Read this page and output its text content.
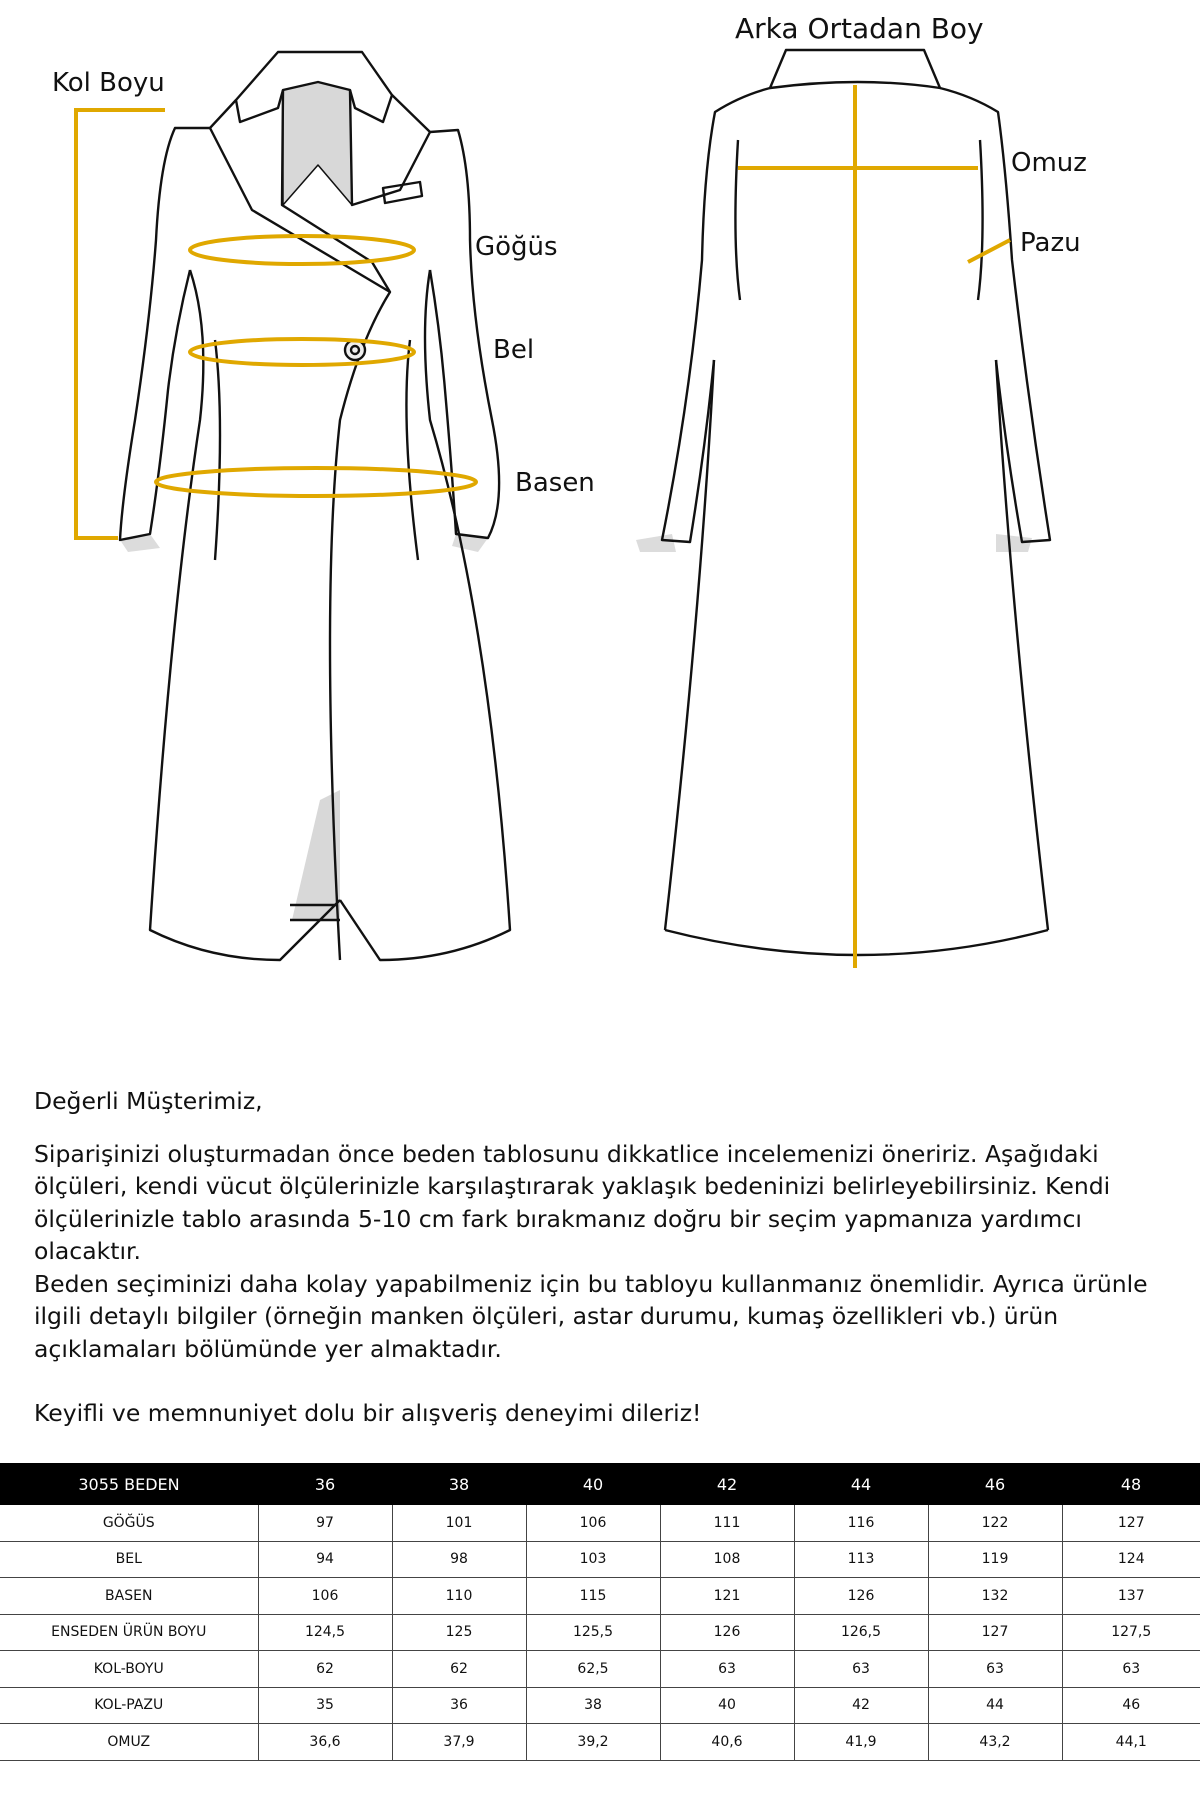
Kol Boyu
Göğüs
Bel
Basen
Arka Ortadan Boy
Omuz
Pazu

Değerli Müşterimiz,

Siparişinizi oluşturmadan önce beden tablosunu dikkatlice incelemenizi öneririz. Aşağıdaki ölçüleri, kendi vücut ölçülerinizle karşılaştırarak yaklaşık bedeninizi belirleyebilirsiniz. Kendi ölçülerinizle tablo arasında 5-10 cm fark bırakmanız doğru bir seçim yapmanıza yardımcı olacaktır.

Beden seçiminizi daha kolay yapabilmeniz için bu tabloyu kullanmanız önemlidir. Ayrıca ürünle ilgili detaylı bilgiler (örneğin manken ölçüleri, astar durumu, kumaş özellikleri vb.) ürün açıklamaları bölümünde yer almaktadır.

Keyifli ve memnuniyet dolu bir alışveriş deneyimi dileriz!

3055 BEDEN	36	38	40	42	44	46	48
GÖĞÜS	97	101	106	111	116	122	127
BEL	94	98	103	108	113	119	124
BASEN	106	110	115	121	126	132	137
ENSEDEN ÜRÜN BOYU	124,5	125	125,5	126	126,5	127	127,5
KOL-BOYU	62	62	62,5	63	63	63	63
KOL-PAZU	35	36	38	40	42	44	46
OMUZ	36,6	37,9	39,2	40,6	41,9	43,2	44,1
